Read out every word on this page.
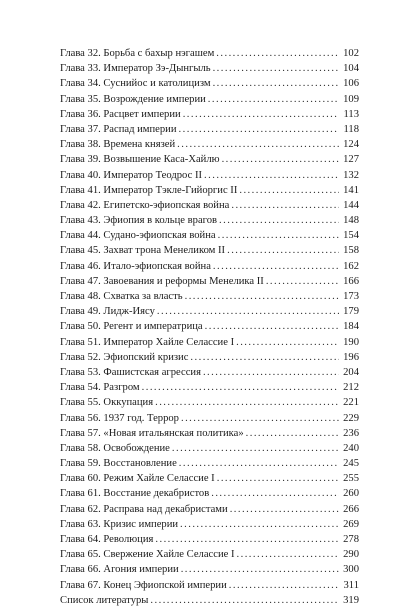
Глава 32. Борьба с бахыр нэгашем . . .	102
Глава 33. Император Зэ-Дынгыль . . .	104
Глава 34. Суснийос и католицизм . . .	106
Глава 35. Возрождение империи . . .	109
Глава 36. Расцвет империи . . .	113
Глава 37. Распад империи . . .	118
Глава 38. Времена князей . . .	124
Глава 39. Возвышение Каса-Хайлю . . .	127
Глава 40. Император Теодрос II . . .	132
Глава 41. Император Тэкле-Гийоргис II . . .	141
Глава 42. Египетско-эфиопская война . . .	144
Глава 43. Эфиопия в кольце врагов . . .	148
Глава 44. Судано-эфиопская война . . .	154
Глава 45. Захват трона Менеликом II . . .	158
Глава 46. Итало-эфиопская война . . .	162
Глава 47. Завоевания и реформы Менелика II . . .	166
Глава 48. Схватка за власть . . .	173
Глава 49. Лидж-Иясу . . .	179
Глава 50. Регент и императрица . . .	184
Глава 51. Император Хайле Селассие I . . .	190
Глава 52. Эфиопский кризис . . .	196
Глава 53. Фашистская агрессия . . .	204
Глава 54. Разгром . . .	212
Глава 55. Оккупация . . .	221
Глава 56. 1937 год. Террор . . .	229
Глава 57. «Новая итальянская политика» . . .	236
Глава 58. Освобождение . . .	240
Глава 59. Восстановление . . .	245
Глава 60. Режим Хайле Селассие I . . .	255
Глава 61. Восстание декабристов . . .	260
Глава 62. Расправа над декабристами . . .	266
Глава 63. Кризис империи . . .	269
Глава 64. Революция . . .	278
Глава 65. Свержение Хайле Селассие I . . .	290
Глава 66. Агония империи . . .	300
Глава 67. Конец Эфиопской империи . . .	311
Список литературы . . .	319
